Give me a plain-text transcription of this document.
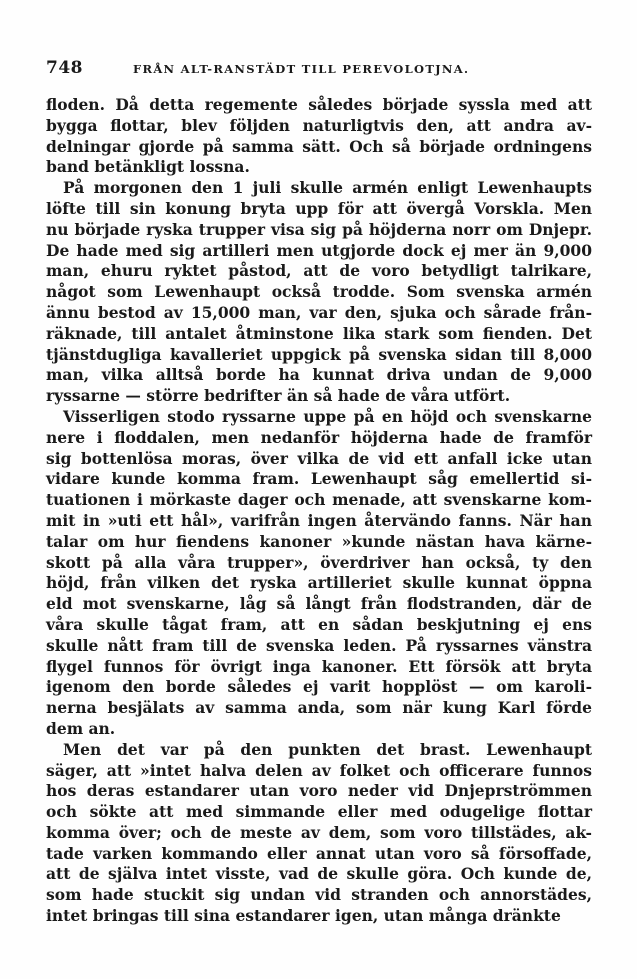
748	FRÅN ALT-RANSTÄDT TILL PEREVOLOTJNA.
floden. Då detta regemente således började syssla med att
bygga flottar, blev följden naturligtvis den, att andra av-
delningar gjorde på samma sätt. Och så började ordningens
band betänkligt lossna.
På morgonen den 1 juli skulle armén enligt Lewenhaupts
löfte till sin konung bryta upp för att övergå Vorskla. Men
nu började ryska trupper visa sig på höjderna norr om Dnjepr.
De hade med sig artilleri men utgjorde dock ej mer än 9,000
man, ehuru ryktet påstod, att de voro betydligt talrikare,
något som Lewenhaupt också trodde. Som svenska armén
ännu bestod av 15,000 man, var den, sjuka och sårade från-
räknade, till antalet åtminstone lika stark som fienden. Det
tjänstdugliga kavalleriet uppgick på svenska sidan till 8,000
man, vilka alltså borde ha kunnat driva undan de 9,000
ryssarne — större bedrifter än så hade de våra utfört.
Visserligen stodo ryssarne uppe på en höjd och svenskarne
nere i floddalen, men nedanför höjderna hade de framför
sig bottenlösa moras, över vilka de vid ett anfall icke utan
vidare kunde komma fram. Lewenhaupt såg emellertid si-
tuationen i mörkaste dager och menade, att svenskarne kom-
mit in »uti ett hål», varifrån ingen återvändo fanns. När han
talar om hur fiendens kanoner »kunde nästan hava kärne-
skott på alla våra trupper», överdriver han också, ty den
höjd, från vilken det ryska artilleriet skulle kunnat öppna
eld mot svenskarne, låg så långt från flodstranden, där de
våra skulle tågat fram, att en sådan beskjutning ej ens
skulle nått fram till de svenska leden. På ryssarnes vänstra
flygel funnos för övrigt inga kanoner. Ett försök att bryta
igenom den borde således ej varit hopplöst — om karoli-
nerna besjälats av samma anda, som när kung Karl förde
dem an.
Men det var på den punkten det brast. Lewenhaupt
säger, att »intet halva delen av folket och officerare funnos
hos deras estandarer utan voro neder vid Dnjeprströmmen
och sökte att med simmande eller med odugelige flottar
komma över; och de meste av dem, som voro tillstädes, ak-
tade varken kommando eller annat utan voro så försoffade,
att de själva intet visste, vad de skulle göra. Och kunde de,
som hade stuckit sig undan vid stranden och annorstädes,
intet bringas till sina estandarer igen, utan många dränkte
